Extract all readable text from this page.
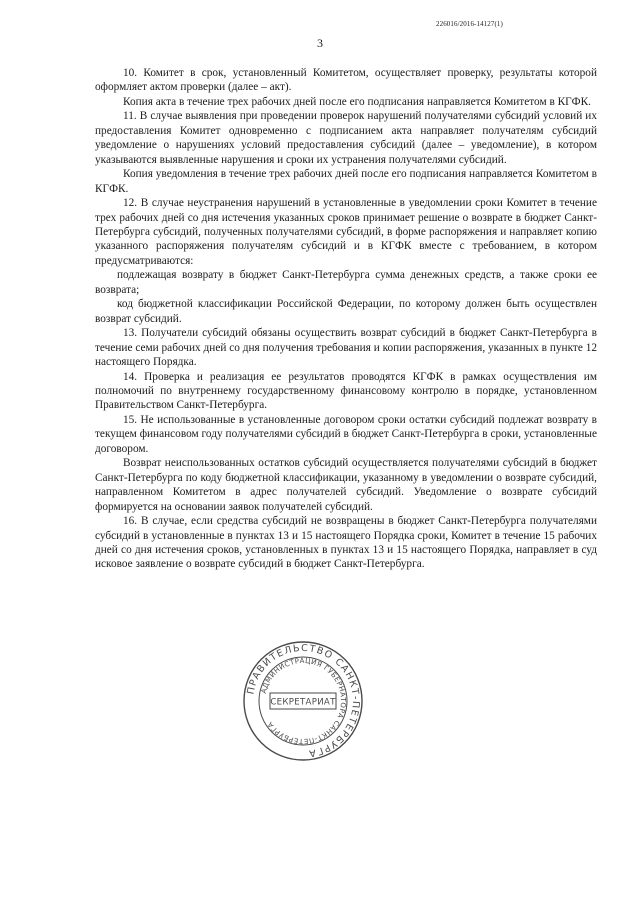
226016/2016-14127(1)
3

10. Комитет в срок, установленный Комитетом, осуществляет проверку, результаты которой оформляет актом проверки (далее – акт).

Копия акта в течение трех рабочих дней после его подписания направляется Комитетом в КГФК.

11. В случае выявления при проведении проверок нарушений получателями субсидий условий их предоставления Комитет одновременно с подписанием акта направляет получателям субсидий уведомление о нарушениях условий предоставления субсидий (далее – уведомление), в котором указываются выявленные нарушения и сроки их устранения получателями субсидий.

Копия уведомления в течение трех рабочих дней после его подписания направляется Комитетом в КГФК.

12. В случае неустранения нарушений в установленные в уведомлении сроки Комитет в течение трех рабочих дней со дня истечения указанных сроков принимает решение о возврате в бюджет Санкт-Петербурга субсидий, полученных получателями субсидий, в форме распоряжения и направляет копию указанного распоряжения получателям субсидий и в КГФК вместе с требованием, в котором предусматриваются:

подлежащая возврату в бюджет Санкт-Петербурга сумма денежных средств, а также сроки ее возврата;

код бюджетной классификации Российской Федерации, по которому должен быть осуществлен возврат субсидий.

13. Получатели субсидий обязаны осуществить возврат субсидий в бюджет Санкт-Петербурга в течение семи рабочих дней со дня получения требования и копии распоряжения, указанных в пункте 12 настоящего Порядка.

14. Проверка и реализация ее результатов проводятся КГФК в рамках осуществления им полномочий по внутреннему государственному финансовому контролю в порядке, установленном Правительством Санкт-Петербурга.

15. Не использованные в установленные договором сроки остатки субсидий подлежат возврату в текущем финансовом году получателями субсидий в бюджет Санкт-Петербурга в сроки, установленные договором.

Возврат неиспользованных остатков субсидий осуществляется получателями субсидий в бюджет Санкт-Петербурга по коду бюджетной классификации, указанному в уведомлении о возврате субсидий, направленном Комитетом в адрес получателей субсидий. Уведомление о возврате субсидий формируется на основании заявок получателей субсидий.

16. В случае, если средства субсидий не возвращены в бюджет Санкт-Петербурга получателями субсидий в установленные в пунктах 13 и 15 настоящего Порядка сроки, Комитет в течение 15 рабочих дней со дня истечения сроков, установленных в пунктах 13 и 15 настоящего Порядка, направляет в суд исковое заявление о возврате субсидий в бюджет Санкт-Петербурга.

ПРАВИТЕЛЬСТВО САНКТ-ПЕТЕРБУРГА
АДМИНИСТРАЦИЯ ГУБЕРНАТОРА САНКТ-ПЕТЕРБУРГА
СЕКРЕТАРИАТ
